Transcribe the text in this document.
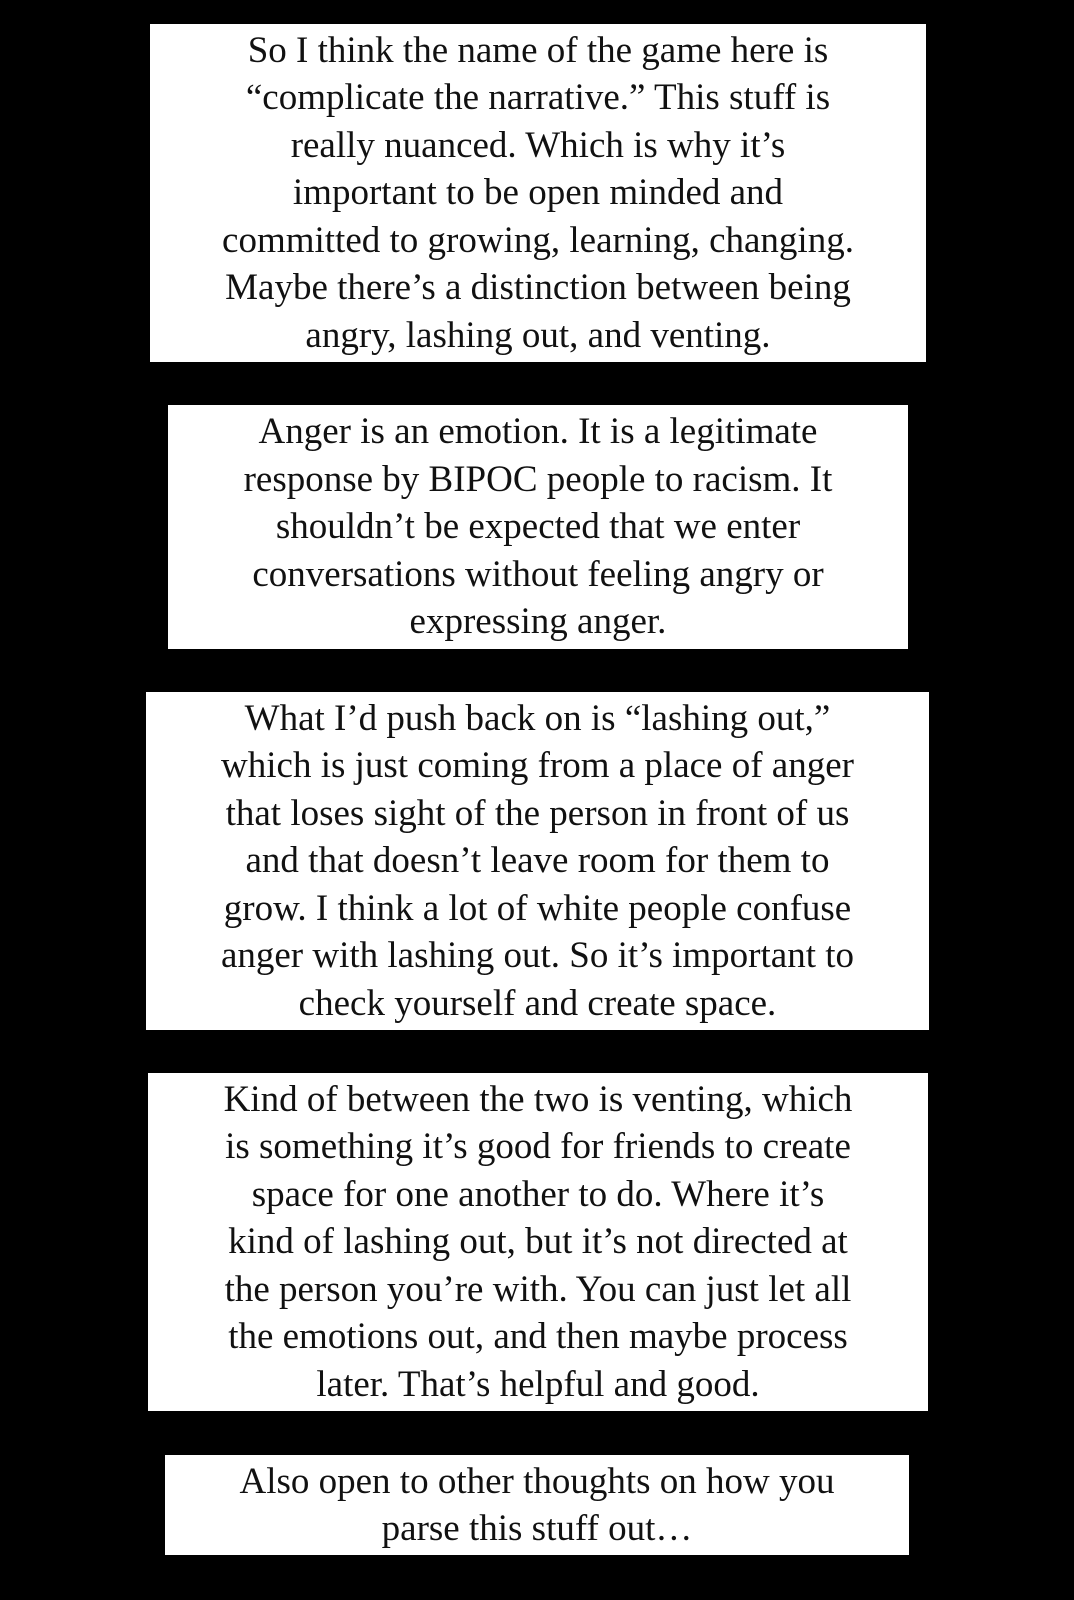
So I think the name of the game here is
“complicate the narrative.” This stuff is
really nuanced. Which is why it’s
important to be open minded and
committed to growing, learning, changing.
Maybe there’s a distinction between being
angry, lashing out, and venting.
Anger is an emotion. It is a legitimate
response by BIPOC people to racism. It
shouldn’t be expected that we enter
conversations without feeling angry or
expressing anger.
What I’d push back on is “lashing out,”
which is just coming from a place of anger
that loses sight of the person in front of us
and that doesn’t leave room for them to
grow. I think a lot of white people confuse
anger with lashing out. So it’s important to
check yourself and create space.
Kind of between the two is venting, which
is something it’s good for friends to create
space for one another to do. Where it’s
kind of lashing out, but it’s not directed at
the person you’re with. You can just let all
the emotions out, and then maybe process
later. That’s helpful and good.
Also open to other thoughts on how you
parse this stuff out…
